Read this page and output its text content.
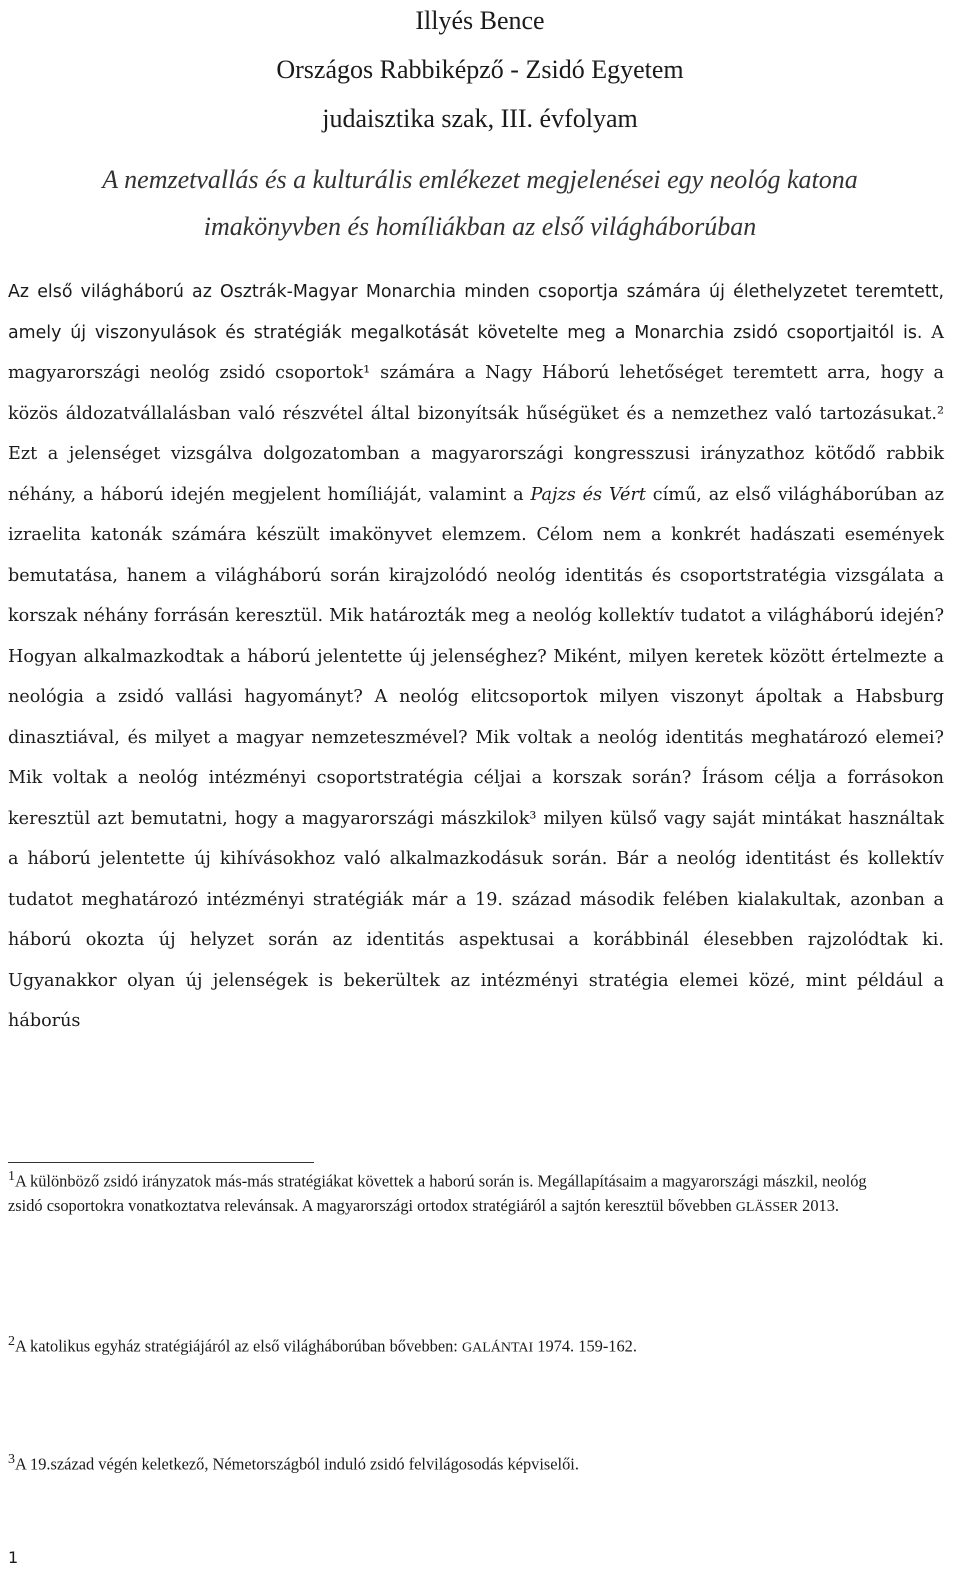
Illyés Bence
Országos Rabbiképző - Zsidó Egyetem
judaisztika szak, III. évfolyam
A nemzetvallás és a kulturális emlékezet megjelenései egy neológ katona
imakönyvben és homíliákban az első világháborúban
Az első világháború az Osztrák-Magyar Monarchia minden csoportja számára új élethelyzetet teremtett, amely új viszonyulások és stratégiák megalkotását követelte meg a Monarchia zsidó csoportjaitól is. A magyarországi neológ zsidó csoportok¹ számára a Nagy Háború lehetőséget teremtett arra, hogy a közös áldozatvállalásban való részvétel által bizonyítsák hűségüket és a nemzethez való tartozásukat.² Ezt a jelenséget vizsgálva dolgozatomban a magyarországi kongresszusi irányzathoz kötődő rabbik néhány, a háború idején megjelent homíliáját, valamint a Pajzs és Vért című, az első világháborúban az izraelita katonák számára készült imakönyvet elemzem. Célom nem a konkrét hadászati események bemutatása, hanem a világháború során kirajzolódó neológ identitás és csoportstratégia vizsgálata a korszak néhány forrásán keresztül. Mik határozták meg a neológ kollektív tudatot a világháború idején? Hogyan alkalmazkodtak a háború jelentette új jelenséghez? Miként, milyen keretek között értelmezte a neológia a zsidó vallási hagyományt? A neológ elitcsoportok milyen viszonyt ápoltak a Habsburg dinasztiával, és milyet a magyar nemzeteszmével? Mik voltak a neológ identitás meghatározó elemei? Mik voltak a neológ intézményi csoportstratégia céljai a korszak során? Írásom célja a forrásokon keresztül azt bemutatni, hogy a magyarországi mászkilok³ milyen külső vagy saját mintákat használtak a háború jelentette új kihívásokhoz való alkalmazkodásuk során. Bár a neológ identitást és kollektív tudatot meghatározó intézményi stratégiák már a 19. század második felében kialakultak, azonban a háború okozta új helyzet során az identitás aspektusai a korábbinál élesebben rajzolódtak ki. Ugyanakkor olyan új jelenségek is bekerültek az intézményi stratégia elemei közé, mint például a háborús
$^1$A különböző zsidó irányzatok más-más stratégiákat követtek a haború során is. Megállapításaim a magyarországi mászkil, neológ zsidó csoportokra vonatkoztatva relevánsak. A magyarországi ortodox stratégiáról a sajtón keresztül bővebben GLÄSSER 2013.
$^2$A katolikus egyház stratégiájáról az első világháborúban bővebben: GALÁNTAI 1974. 159-162.
$^3$A 19.század végén keletkező, Németországból induló zsidó felvilágosodás képviselői.
1
